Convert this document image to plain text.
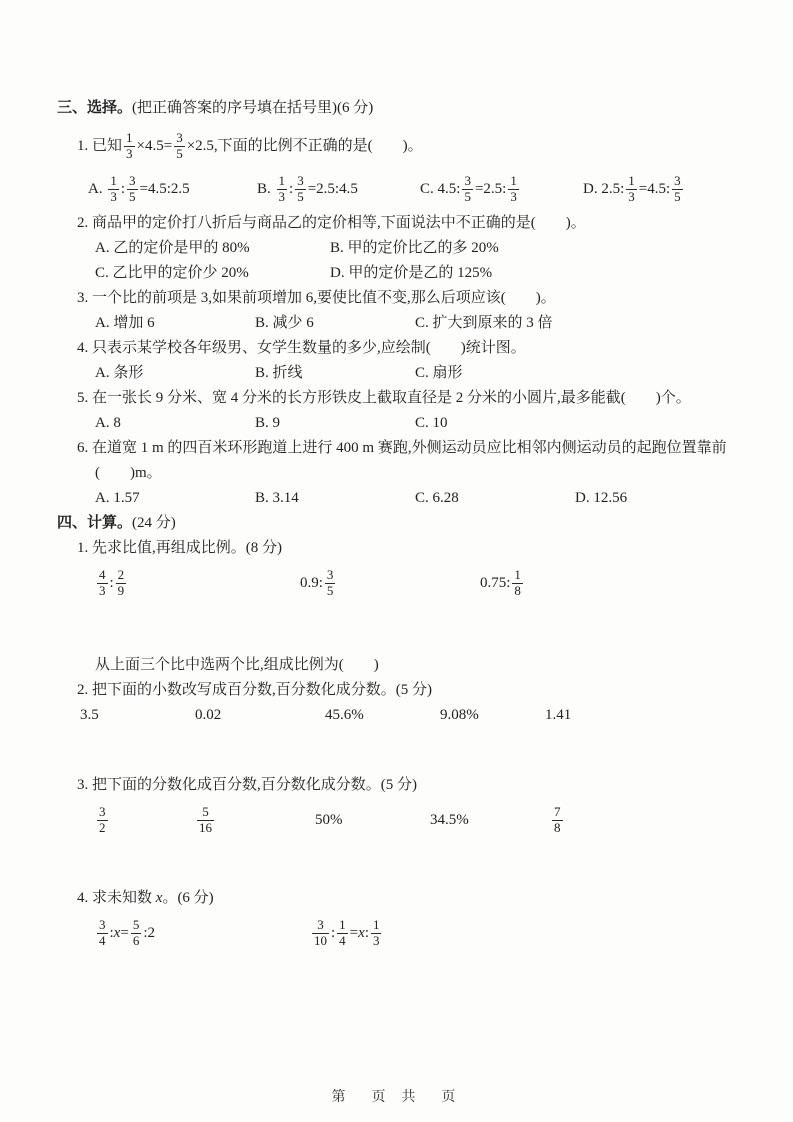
三、选择。(把正确答案的序号填在括号里)(6 分)
1. 已知 $\frac{1}{3} \times 4.5= \frac{3}{5} \times 2.5$,下面的比例不正确的是(　　)。
A. $\frac{1}{3}$ : $\frac{3}{5}$ =4.5:2.5	B. $\frac{1}{3}$ : $\frac{3}{5}$ =2.5:4.5	C. 4.5: $\frac{3}{5} =2.5$: $\frac{1}{3}$	D. 2.5: $\frac{1}{3} =4.5$: $\frac{3}{5}$
2. 商品甲的定价打八折后与商品乙的定价相等,下面说法中不正确的是(　　)。
A. 乙的定价是甲的 80%	B. 甲的定价比乙的多 20%
C. 乙比甲的定价少 20%	D. 甲的定价是乙的 125%
3. 一个比的前项是 3,如果前项增加 6,要使比值不变,那么后项应该(　　)。
A. 增加 6	B. 减少 6	C. 扩大到原来的 3 倍
4. 只表示某学校各年级男、女学生数量的多少,应绘制(　　)统计图。
A. 条形	B. 折线	C. 扇形
5. 在一张长 9 分米、宽 4 分米的长方形铁皮上截取直径是 2 分米的小圆片,最多能截(　　)个。
A. 8	B. 9	C. 10
6. 在道宽 1 m 的四百米环形跑道上进行 400 m 赛跑,外侧运动员应比相邻内侧运动员的起跑位置靠前
(　　)m。
A. 1.57	B. 3.14	C. 6.28	D. 12.56
四、计算。(24 分)
1. 先求比值,再组成比例。(8 分)
$\frac{4}{3}$ : $\frac{2}{9}$	0.9: $\frac{3}{5}$	0.75: $\frac{1}{8}$
从上面三个比中选两个比,组成比例为(　　)
2. 把下面的小数改写成百分数,百分数化成分数。(5 分)
3.5	0.02	45.6%	9.08%	1.41
3. 把下面的分数化成百分数,百分数化成分数。(5 分)
$\frac{3}{2}$	$\frac{5}{16}$	50%	34.5%	$\frac{7}{8}$
4. 求未知数 x。(6 分)
$\frac{3}{4}$ :x= $\frac{5}{6}$ :2	$\frac{3}{10}$ : $\frac{1}{4} =x$: $\frac{1}{3}$
第　页 共　页
